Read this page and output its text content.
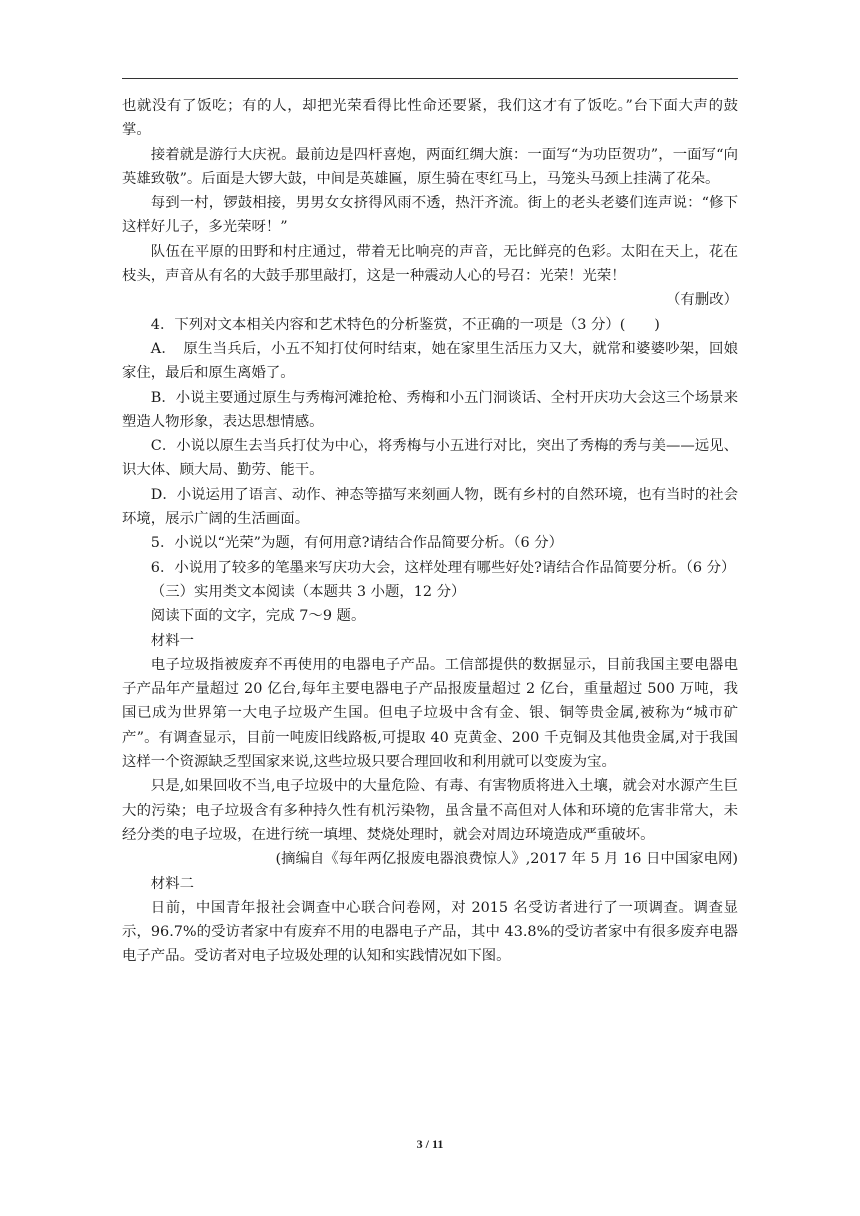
也就没有了饭吃；有的人，却把光荣看得比性命还要紧，我们这才有了饭吃。”台下面大声的鼓掌。

接着就是游行大庆祝。最前边是四杆喜炮，两面红绸大旗：一面写“为功臣贺功”，一面写“向英雄致敬”。后面是大锣大鼓，中间是英雄匾，原生骑在枣红马上，马笼头马颈上挂满了花朵。

每到一村，锣鼓相接，男男女女挤得风雨不透，热汗齐流。街上的老头老婆们连声说：“修下这样好儿子，多光荣呀！”

队伍在平原的田野和村庄通过，带着无比响亮的声音，无比鲜亮的色彩。太阳在天上，花在枝头，声音从有名的大鼓手那里敲打，这是一种震动人心的号召：光荣！光荣！

（有删改）

4．下列对文本相关内容和艺术特色的分析鉴赏，不正确的一项是（3 分）(　　)

A．　原生当兵后，小五不知打仗何时结束，她在家里生活压力又大，就常和婆婆吵架，回娘家住，最后和原生离婚了。

B．小说主要通过原生与秀梅河滩抢枪、秀梅和小五门洞谈话、全村开庆功大会这三个场景来塑造人物形象，表达思想情感。

C．小说以原生去当兵打仗为中心，将秀梅与小五进行对比，突出了秀梅的秀与美——远见、识大体、顾大局、勤劳、能干。

D．小说运用了语言、动作、神态等描写来刻画人物，既有乡村的自然环境，也有当时的社会环境，展示广阔的生活画面。

5．小说以“光荣”为题，有何用意?请结合作品简要分析。（6 分）

6．小说用了较多的笔墨来写庆功大会，这样处理有哪些好处?请结合作品简要分析。（6 分）

（三）实用类文本阅读（本题共 3 小题，12 分）

阅读下面的文字，完成 7～9 题。

材料一

电子垃圾指被废弃不再使用的电器电子产品。工信部提供的数据显示，目前我国主要电器电子产品年产量超过 20 亿台,每年主要电器电子产品报废量超过 2 亿台，重量超过 500 万吨，我国已成为世界第一大电子垃圾产生国。但电子垃圾中含有金、银、铜等贵金属,被称为“城市矿产”。有调查显示，目前一吨废旧线路板,可提取 40 克黄金、200 千克铜及其他贵金属,对于我国这样一个资源缺乏型国家来说,这些垃圾只要合理回收和利用就可以变废为宝。

只是,如果回收不当,电子垃圾中的大量危险、有毒、有害物质将进入土壤，就会对水源产生巨大的污染；电子垃圾含有多种持久性有机污染物，虽含量不高但对人体和环境的危害非常大，未经分类的电子垃圾，在进行统一填埋、焚烧处理时，就会对周边环境造成严重破坏。

(摘编自《每年两亿报废电器浪费惊人》,2017 年 5 月 16 日中国家电网)

材料二

日前，中国青年报社会调查中心联合问卷网，对 2015 名受访者进行了一项调查。调查显示，96.7%的受访者家中有废弃不用的电器电子产品，其中 43.8%的受访者家中有很多废弃电器电子产品。受访者对电子垃圾处理的认知和实践情况如下图。

3 / 11
